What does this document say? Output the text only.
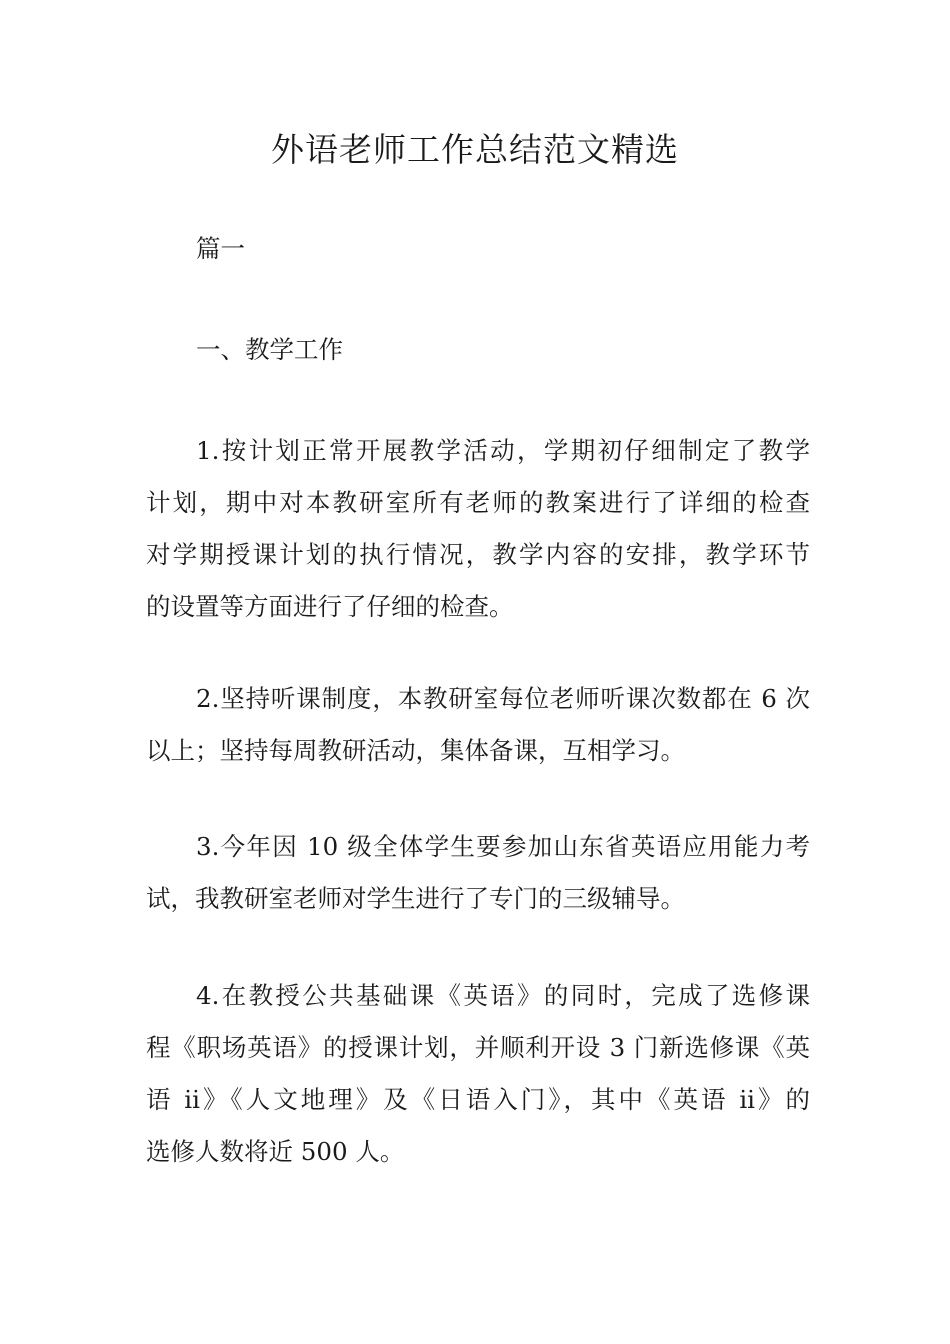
外语老师工作总结范文精选
篇一
一、教学工作
1.按计划正常开展教学活动，学期初仔细制定了教学
计划，期中对本教研室所有老师的教案进行了详细的检查
对学期授课计划的执行情况，教学内容的安排，教学环节
的设置等方面进行了仔细的检查。
2.坚持听课制度，本教研室每位老师听课次数都在 6 次
以上；坚持每周教研活动，集体备课，互相学习。
3.今年因 10 级全体学生要参加山东省英语应用能力考
试，我教研室老师对学生进行了专门的三级辅导。
4.在教授公共基础课《英语》的同时，完成了选修课
程《职场英语》的授课计划，并顺利开设 3 门新选修课《英
语 ii》《人文地理》及《日语入门》，其中《英语 ii》的
选修人数将近 500 人。
